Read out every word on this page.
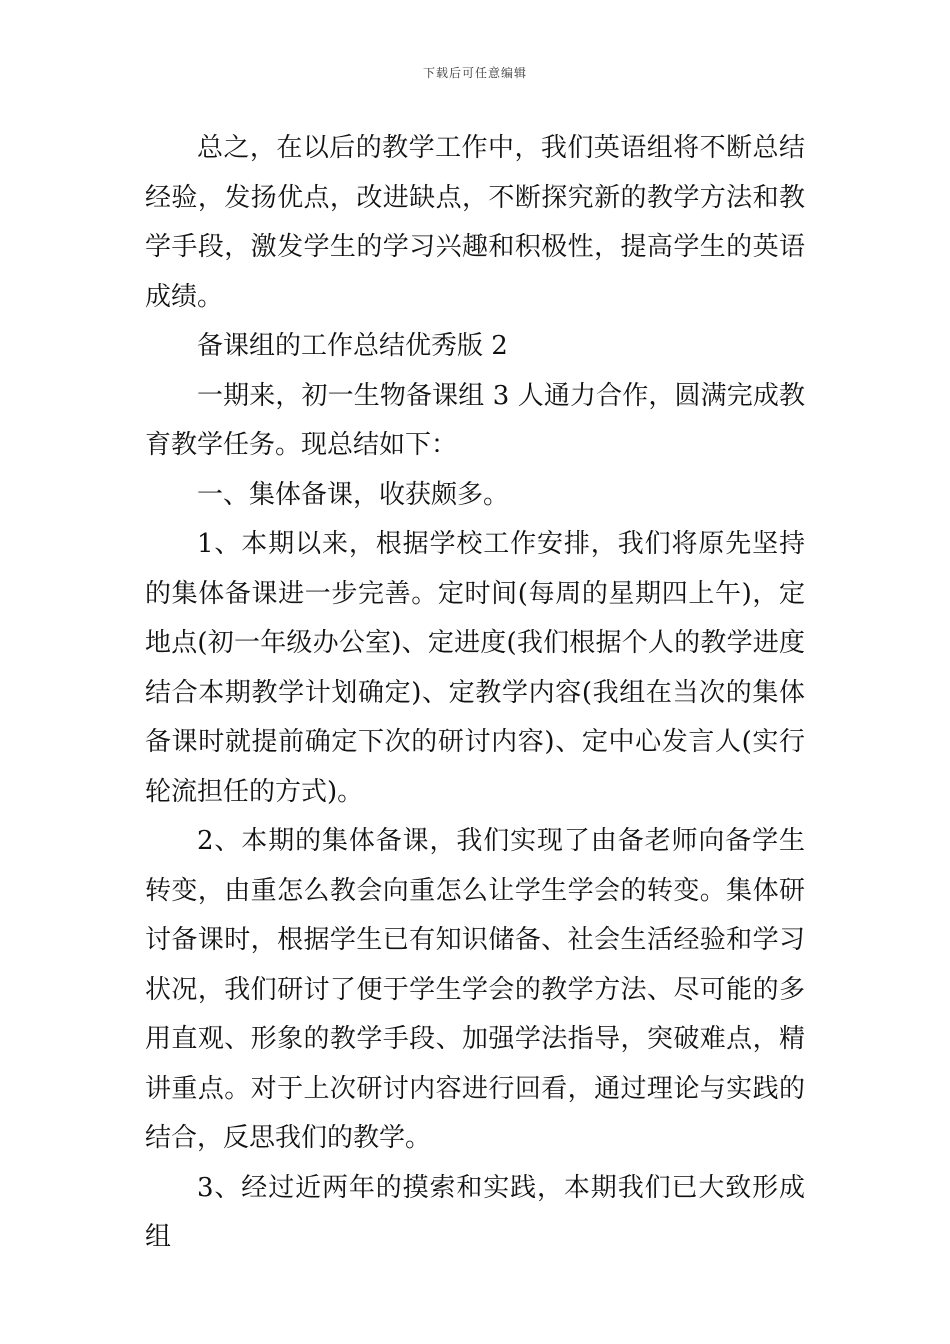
下载后可任意编辑

总之，在以后的教学工作中，我们英语组将不断总结经验，发扬优点，改进缺点，不断探究新的教学方法和教学手段，激发学生的学习兴趣和积极性，提高学生的英语成绩。

备课组的工作总结优秀版 2

一期来，初一生物备课组 3 人通力合作，圆满完成教育教学任务。现总结如下：

一、集体备课，收获颇多。

1、本期以来，根据学校工作安排，我们将原先坚持的集体备课进一步完善。定时间(每周的星期四上午)，定地点(初一年级办公室)、定进度(我们根据个人的教学进度结合本期教学计划确定)、定教学内容(我组在当次的集体备课时就提前确定下次的研讨内容)、定中心发言人(实行轮流担任的方式)。

2、本期的集体备课，我们实现了由备老师向备学生转变，由重怎么教会向重怎么让学生学会的转变。集体研讨备课时，根据学生已有知识储备、社会生活经验和学习状况，我们研讨了便于学生学会的教学方法、尽可能的多用直观、形象的教学手段、加强学法指导，突破难点，精讲重点。对于上次研讨内容进行回看，通过理论与实践的结合，反思我们的教学。

3、经过近两年的摸索和实践，本期我们已大致形成组
